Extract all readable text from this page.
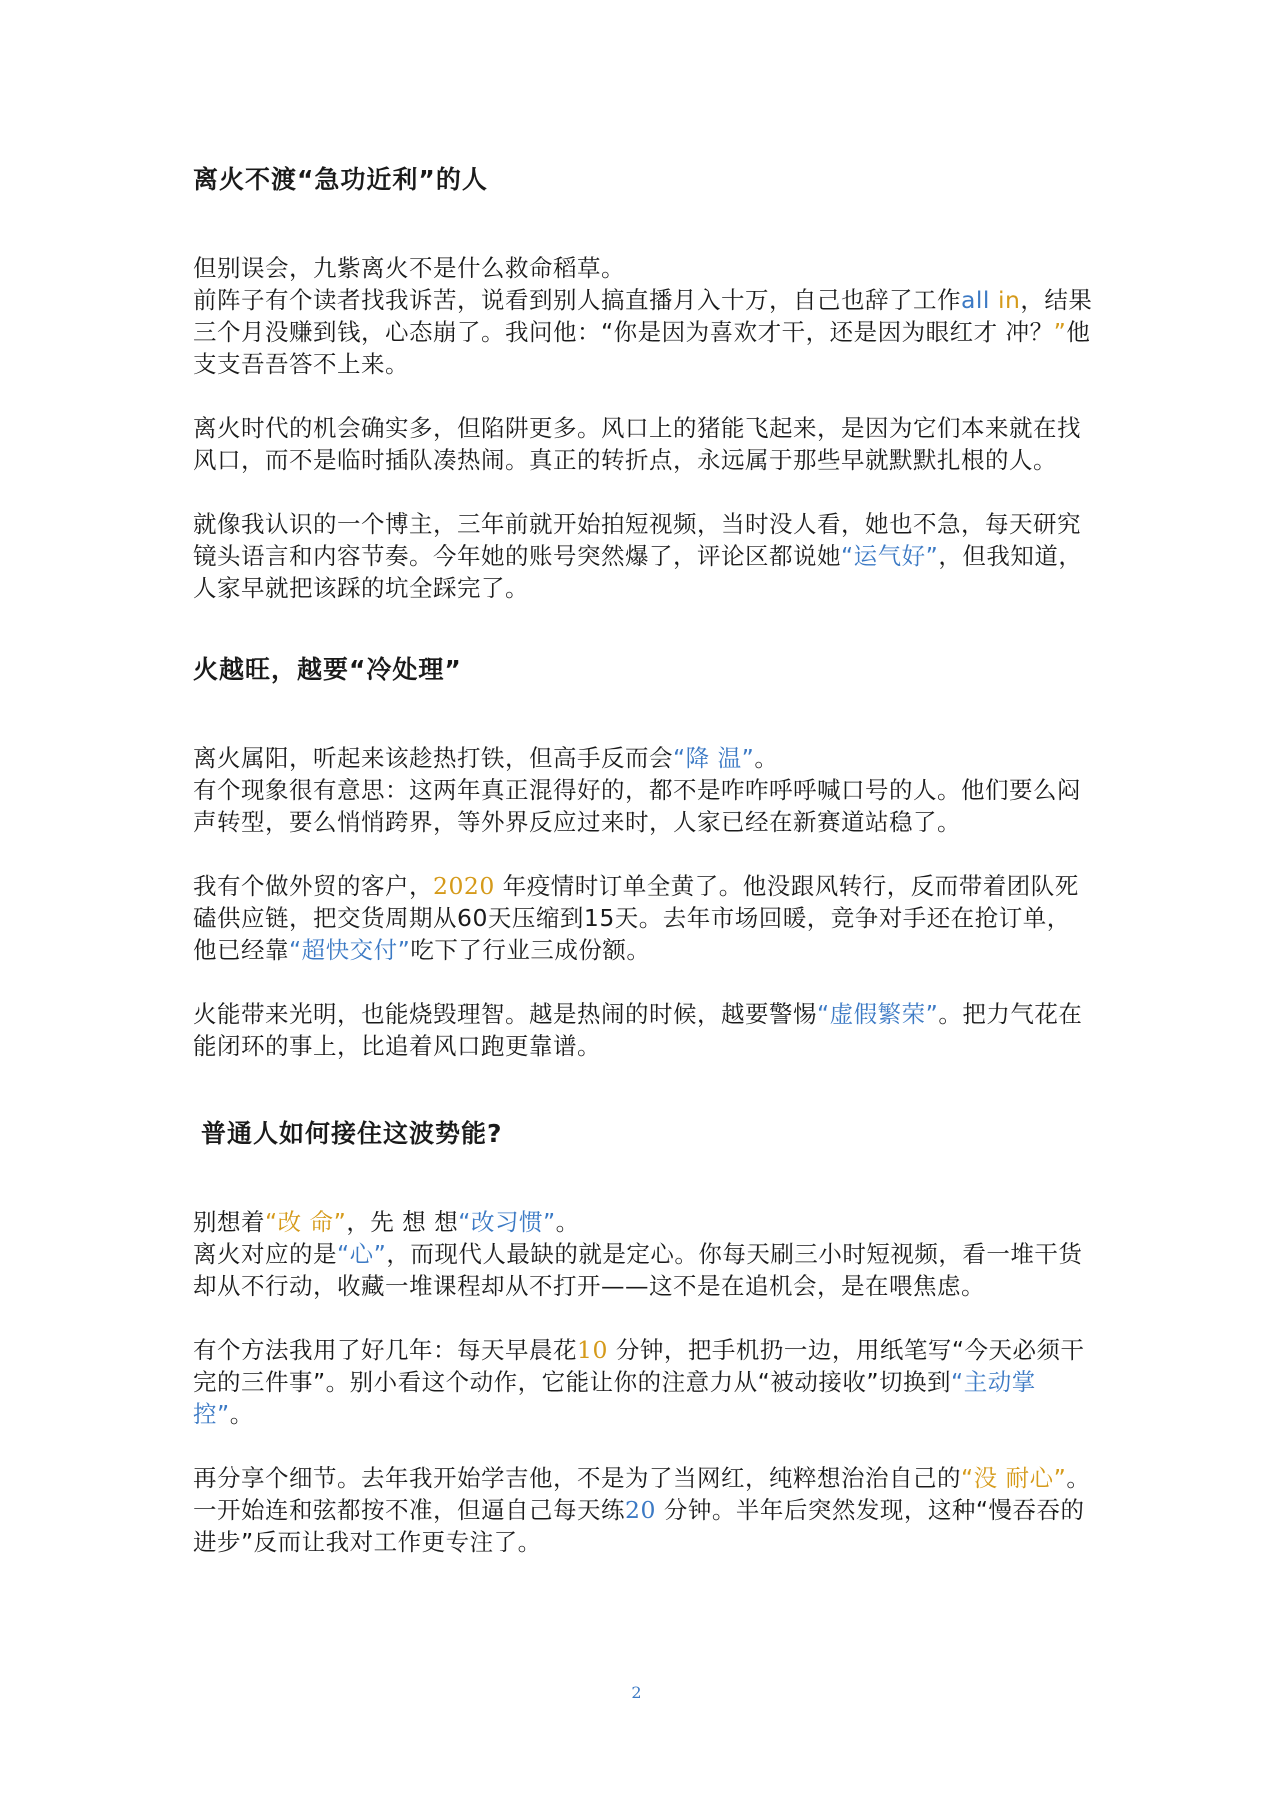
离火不渡“急功近利”的人

但别误会，九紫离火不是什么救命稻草。

前阵子有个读者找我诉苦，说看到别人搞直播月入十万，自己也辞了工作all in，结果三个月没赚到钱，心态崩了。我问他：“你是因为喜欢才干，还是因为眼红才 冲？”他支支吾吾答不上来。

离火时代的机会确实多，但陷阱更多。风口上的猪能飞起来，是因为它们本来就在找风口，而不是临时插队凑热闹。真正的转折点，永远属于那些早就默默扎根的人。

就像我认识的一个博主，三年前就开始拍短视频，当时没人看，她也不急，每天研究镜头语言和内容节奏。今年她的账号突然爆了，评论区都说她“运气好”，但我知道，人家早就把该踩的坑全踩完了。

火越旺，越要“冷处理”

离火属阳，听起来该趁热打铁，但高手反而会“降 温”。

有个现象很有意思：这两年真正混得好的，都不是咋咋呼呼喊口号的人。他们要么闷声转型，要么悄悄跨界，等外界反应过来时，人家已经在新赛道站稳了。

我有个做外贸的客户，2020 年疫情时订单全黄了。他没跟风转行，反而带着团队死磕供应链，把交货周期从60天压缩到15天。去年市场回暖，竞争对手还在抢订单，他已经靠“超快交付”吃下了行业三成份额。

火能带来光明，也能烧毁理智。越是热闹的时候，越要警惕“虚假繁荣”。把力气花在能闭环的事上，比追着风口跑更靠谱。

普通人如何接住这波势能?

别想着“改 命”，先 想 想“改习惯”。

离火对应的是“心”，而现代人最缺的就是定心。你每天刷三小时短视频，看一堆干货却从不行动，收藏一堆课程却从不打开——这不是在追机会，是在喂焦虑。

有个方法我用了好几年：每天早晨花10 分钟，把手机扔一边，用纸笔写“今天必须干完的三件事”。别小看这个动作，它能让你的注意力从“被动接收”切换到“主动掌控”。

再分享个细节。去年我开始学吉他，不是为了当网红，纯粹想治治自己的“没 耐心”。一开始连和弦都按不准，但逼自己每天练20 分钟。半年后突然发现，这种“慢吞吞的进步”反而让我对工作更专注了。

2
